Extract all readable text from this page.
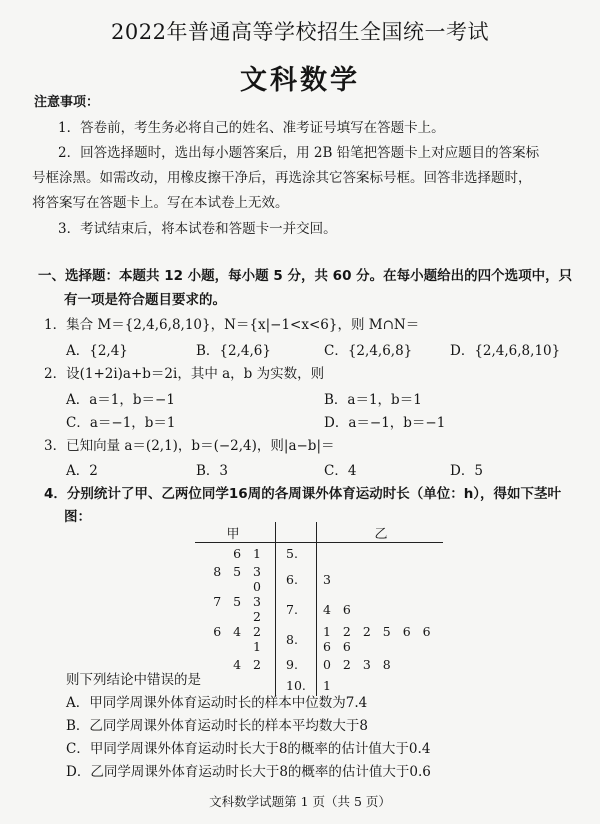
2022年普通高等学校招生全国统一考试
文科数学
注意事项：
1．答卷前，考生务必将自己的姓名、准考证号填写在答题卡上。
2．回答选择题时，选出每小题答案后，用 2B 铅笔把答题卡上对应题目的答案标
号框涂黑。如需改动，用橡皮擦干净后，再选涂其它答案标号框。回答非选择题时，
将答案写在答题卡上。写在本试卷上无效。
3．考试结束后，将本试卷和答题卡一并交回。
一、选择题：本题共 12 小题，每小题 5 分，共 60 分。在每小题给出的四个选项中，只
有一项是符合题目要求的。
1．集合 M＝{2,4,6,8,10}，N＝{x|−1<x<6}，则 M∩N＝
A．{2,4}	B．{2,4,6}	C．{2,4,6,8}	D．{2,4,6,8,10}
2．设(1+2i)a+b＝2i，其中 a，b 为实数，则
A．a＝1，b＝−1	B．a＝1，b＝1
C．a＝−1，b＝1	D．a＝−1，b＝−1
3．已知向量 a＝(2,1)，b＝(−2,4)，则|a−b|＝
A．2	B．3	C．4	D．5
4．分别统计了甲、乙两位同学16周的各周课外体育运动时长（单位：h），得如下茎叶
图：
甲		乙
6 1	5.	
8 5 3 0	6.	3
7 5 3 2	7.	4 6
6 4 2 1	8.	1 2 2 5 6 6 6 6
4 2	9.	0 2 3 8
	10.	1
则下列结论中错误的是
A．甲同学周课外体育运动时长的样本中位数为7.4
B．乙同学周课外体育运动时长的样本平均数大于8
C．甲同学周课外体育运动时长大于8的概率的估计值大于0.4
D．乙同学周课外体育运动时长大于8的概率的估计值大于0.6
文科数学试题第 1 页（共 5 页）
